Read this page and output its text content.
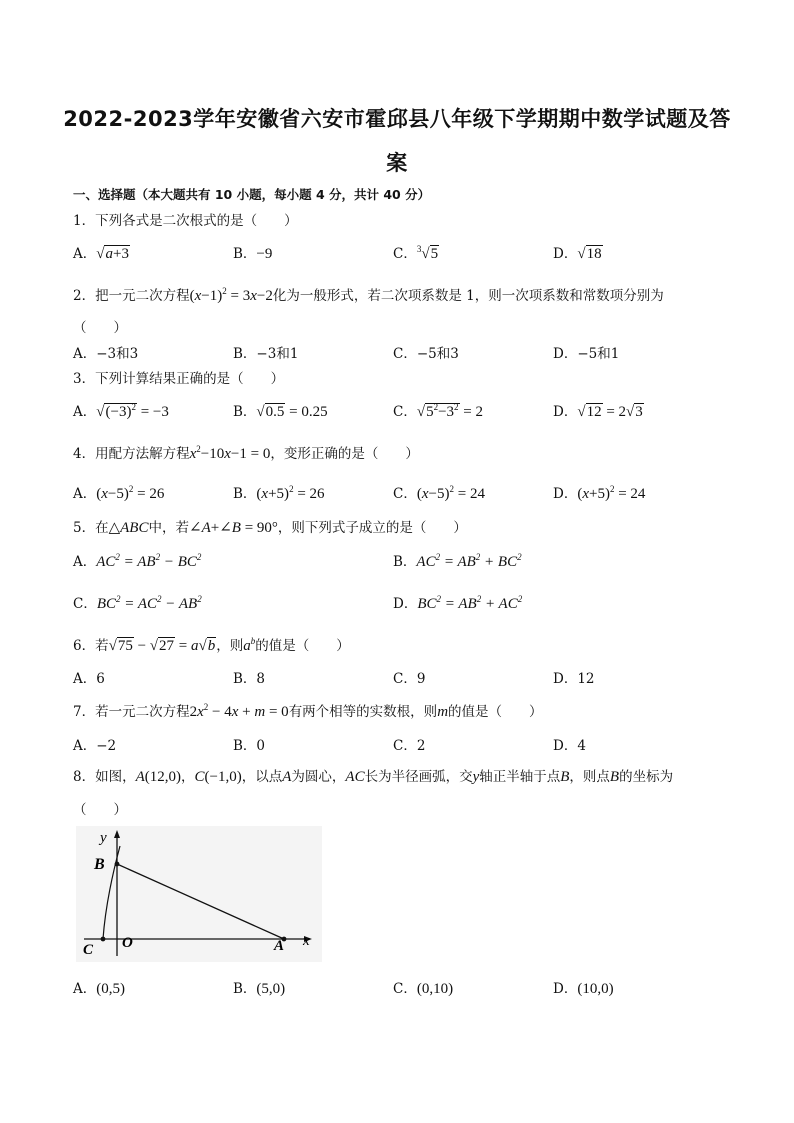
2022-2023学年安徽省六安市霍邱县八年级下学期期中数学试题及答
案
一、选择题（本大题共有 10 小题，每小题 4 分，共计 40 分）
1．下列各式是二次根式的是（　　）
A．√a+3	B．−9	C．$^3$√5	D．√18
2．把一元二次方程$(x-1)^2 = 3x-2$化为一般形式，若二次项系数是 1，则一次项系数和常数项分别为
（　　）
A．−3和3	B．−3和1	C．−5和3	D．−5和1
3．下列计算结果正确的是（　　）
A．$√(-3)^2 = -3$	B．√0.5 = 0.25	C．$√5^2-3^2 = 2$	D．√12 = 2√3
4．用配方法解方程$x^2-10x-1 = 0$，变形正确的是（　　）
A．$(x-5)^2 = 26$	B．$(x+5)^2 = 26$	C．$(x-5)^2 = 24$	D．$(x+5)^2 = 24$
5．在△ABC中，若∠A+∠B = 90°，则下列式子成立的是（　　）
A．$AC^2 = AB^2 - BC^2$	B．$AC^2 = AB^2 + BC^2$
C．$BC^2 = AC^2 - AB^2$	D．$BC^2 = AB^2 + AC^2$
6．若√75 − √27 = a√b，则$a^b$的值是（　　）
A．6	B．8	C．9	D．12
7．若一元二次方程$2x^2 - 4x + m = 0$有两个相等的实数根，则m的值是（　　）
A．−2	B．0	C．2	D．4
8．如图，A(12,0)，C(−1,0)，以点A为圆心，AC长为半径画弧，交y轴正半轴于点B，则点B的坐标为
（　　）
y
x
B
O
C	A
A．(0,5)	B．(5,0)	C．(0,10)	D．(10,0)
